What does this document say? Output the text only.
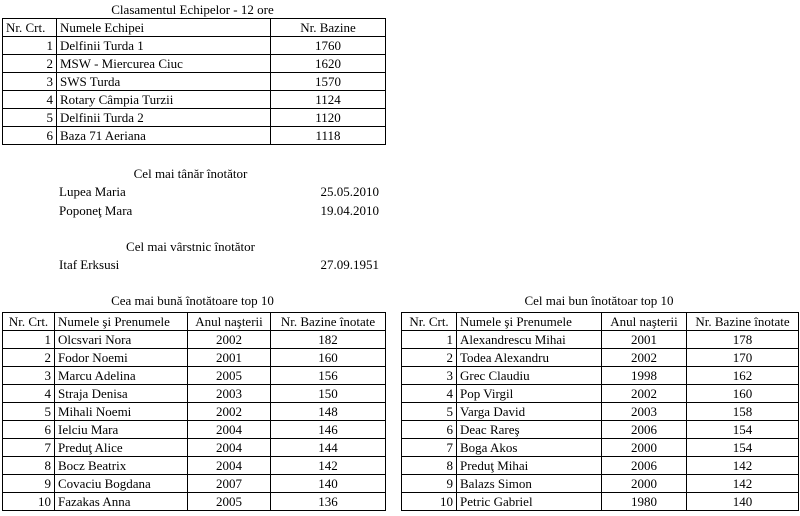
Clasamentul Echipelor - 12 ore
Nr. Crt.	Numele Echipei	Nr. Bazine
1	Delfinii Turda 1	1760
2	MSW - Miercurea Ciuc	1620
3	SWS Turda	1570
4	Rotary Câmpia Turzii	1124
5	Delfinii Turda 2	1120
6	Baza 71 Aeriana	1118
Cel mai tânăr înotător
Lupea Maria	25.05.2010
Poponeţ Mara	19.04.2010
Cel mai vârstnic înotător
Itaf Erksusi	27.09.1951
Cea mai bună înotătoare top 10
Nr. Crt.	Numele şi Prenumele	Anul naşterii	Nr. Bazine înotate
1	Olcsvari Nora	2002	182
2	Fodor Noemi	2001	160
3	Marcu Adelina	2005	156
4	Straja Denisa	2003	150
5	Mihali Noemi	2002	148
6	Ielciu Mara	2004	146
7	Preduţ Alice	2004	144
8	Bocz Beatrix	2004	142
9	Covaciu Bogdana	2007	140
10	Fazakas Anna	2005	136
Cel mai bun înotătoar top 10
Nr. Crt.	Numele şi Prenumele	Anul naşterii	Nr. Bazine înotate
1	Alexandrescu Mihai	2001	178
2	Todea Alexandru	2002	170
3	Grec Claudiu	1998	162
4	Pop Virgil	2002	160
5	Varga David	2003	158
6	Deac Rareş	2006	154
7	Boga Akos	2000	154
8	Preduţ Mihai	2006	142
9	Balazs Simon	2000	142
10	Petric Gabriel	1980	140
